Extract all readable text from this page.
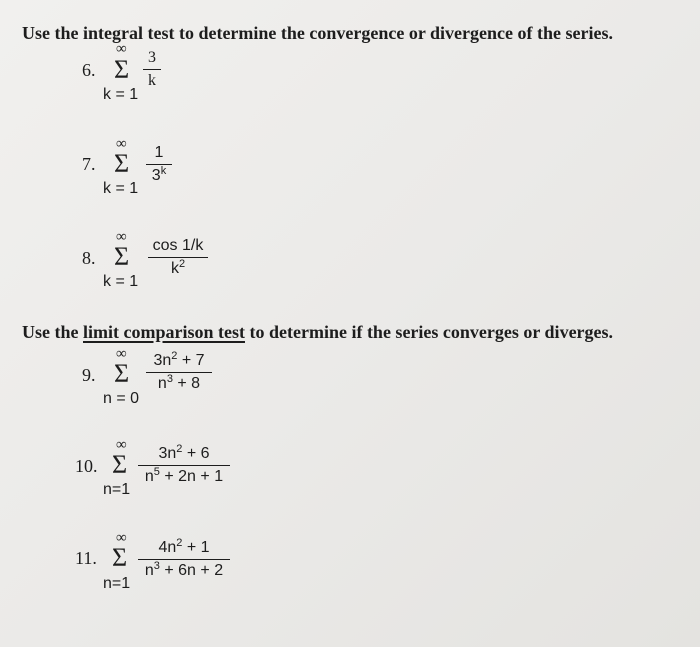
Use the integral test to determine the convergence or divergence of the series.
6.
∞
Σ
k = 1
3
k
7.
∞
Σ
k = 1
1
3$^k$
8.
∞
Σ
k = 1
cos 1/k
$k^2$
Use the limit comparison test to determine if the series converges or diverges.
9.
∞
Σ
n = 0
$3n^2 + 7$
$n^3 + 8$
10.
∞
Σ
n=1
$3n^2 + 6$
$n^5 + 2n + 1$
11.
∞
Σ
n=1
$4n^2 + 1$
$n^3 + 6n + 2$
